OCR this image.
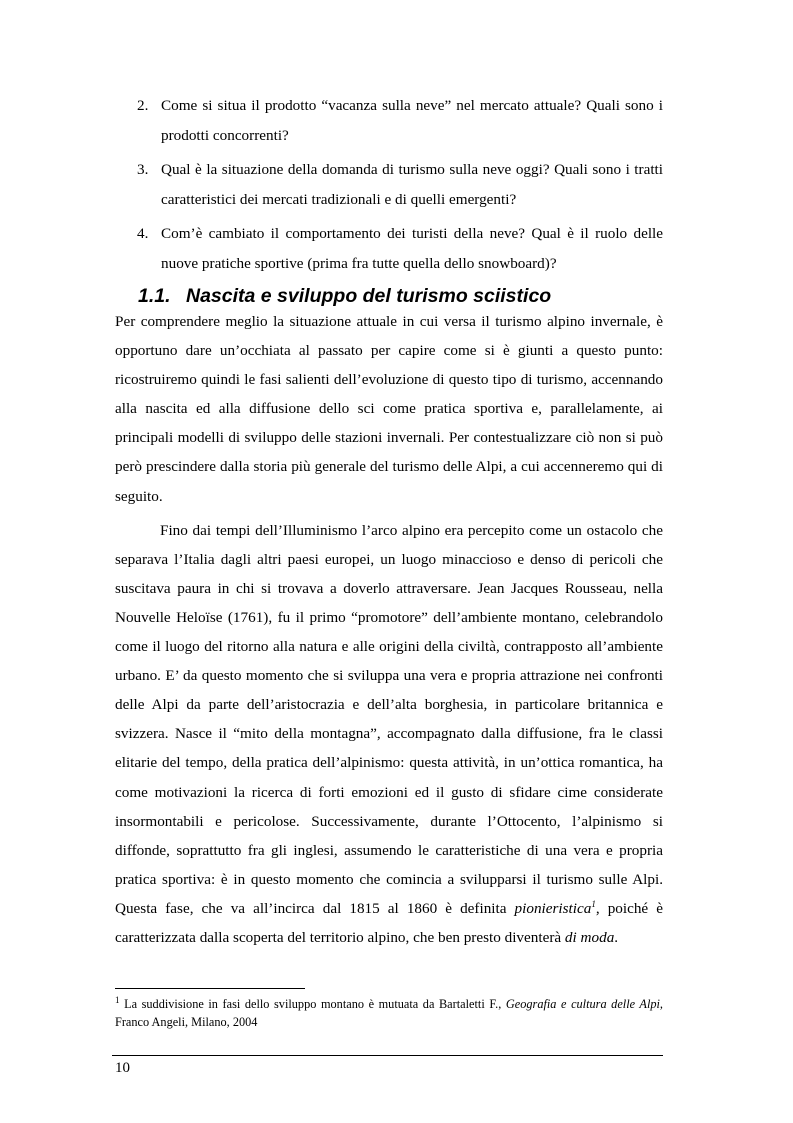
2. Come si situa il prodotto “vacanza sulla neve” nel mercato attuale? Quali sono i prodotti concorrenti?
3. Qual è la situazione della domanda di turismo sulla neve oggi? Quali sono i tratti caratteristici dei mercati tradizionali e di quelli emergenti?
4. Com’è cambiato il comportamento dei turisti della neve? Qual è il ruolo delle nuove pratiche sportive (prima fra tutte quella dello snowboard)?
1.1. Nascita e sviluppo del turismo sciistico

Per comprendere meglio la situazione attuale in cui versa il turismo alpino invernale, è opportuno dare un’occhiata al passato per capire come si è giunti a questo punto: ricostruiremo quindi le fasi salienti dell’evoluzione di questo tipo di turismo, accennando alla nascita ed alla diffusione dello sci come pratica sportiva e, parallelamente, ai principali modelli di sviluppo delle stazioni invernali. Per contestualizzare ciò non si può però prescindere dalla storia più generale del turismo delle Alpi, a cui accenneremo qui di seguito.

Fino dai tempi dell’Illuminismo l’arco alpino era percepito come un ostacolo che separava l’Italia dagli altri paesi europei, un luogo minaccioso e denso di pericoli che suscitava paura in chi si trovava a doverlo attraversare. Jean Jacques Rousseau, nella Nouvelle Heloïse (1761), fu il primo “promotore” dell’ambiente montano, celebrandolo come il luogo del ritorno alla natura e alle origini della civiltà, contrapposto all’ambiente urbano. E’ da questo momento che si sviluppa una vera e propria attrazione nei confronti delle Alpi da parte dell’aristocrazia e dell’alta borghesia, in particolare britannica e svizzera. Nasce il “mito della montagna”, accompagnato dalla diffusione, fra le classi elitarie del tempo, della pratica dell’alpinismo: questa attività, in un’ottica romantica, ha come motivazioni la ricerca di forti emozioni ed il gusto di sfidare cime considerate insormontabili e pericolose. Successivamente, durante l’Ottocento, l’alpinismo si diffonde, soprattutto fra gli inglesi, assumendo le caratteristiche di una vera e propria pratica sportiva: è in questo momento che comincia a svilupparsi il turismo sulle Alpi. Questa fase, che va all’incirca dal 1815 al 1860 è definita pionieristica$^1$, poiché è caratterizzata dalla scoperta del territorio alpino, che ben presto diventerà di moda.

$^1$ La suddivisione in fasi dello sviluppo montano è mutuata da Bartaletti F., Geografia e cultura delle Alpi, Franco Angeli, Milano, 2004

10
